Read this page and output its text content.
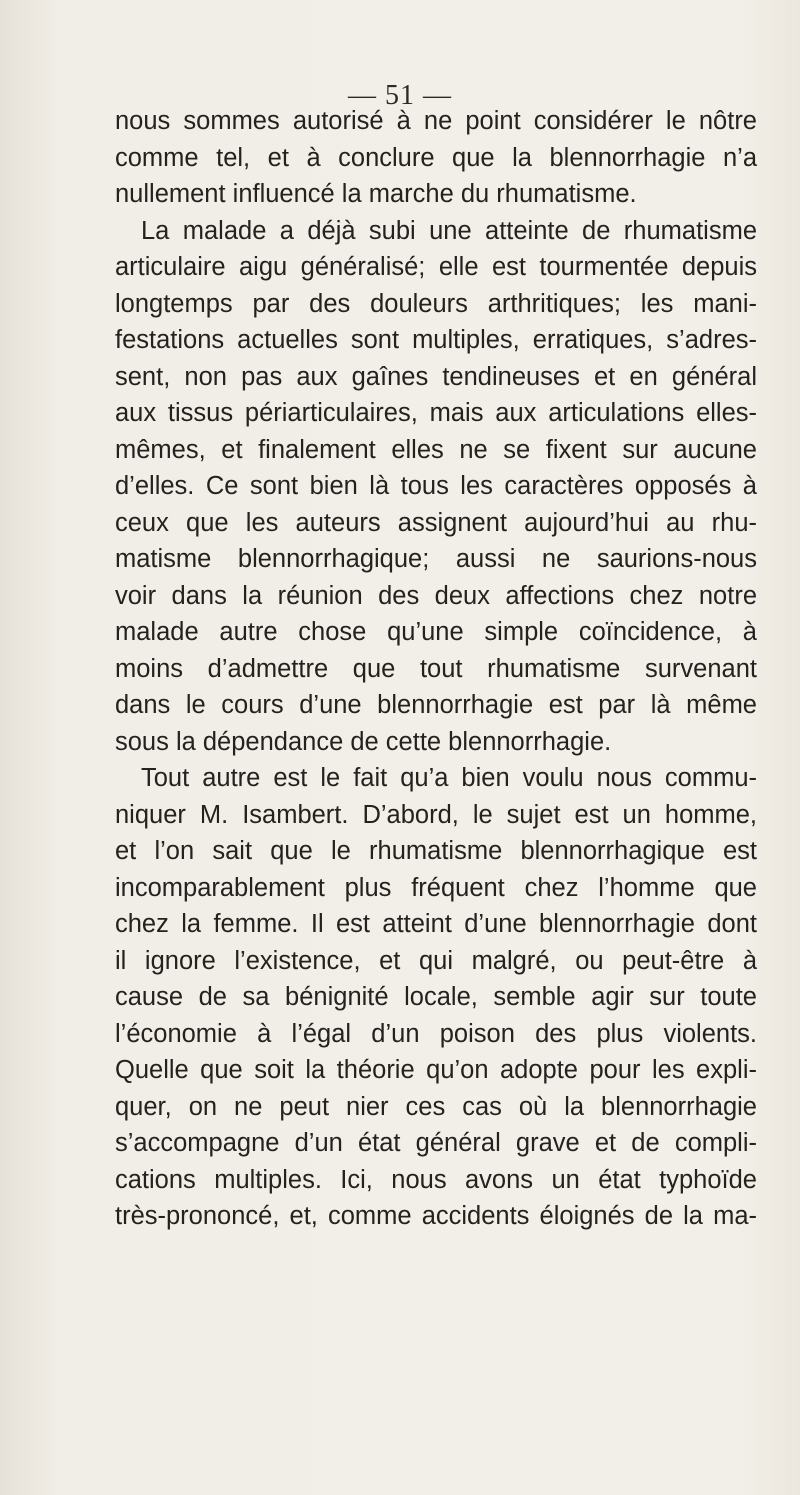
— 51 —
nous sommes autorisé à ne point considérer le nôtre
comme tel, et à conclure que la blennorrhagie n’a
nullement influencé la marche du rhumatisme.
La malade a déjà subi une atteinte de rhumatisme
articulaire aigu généralisé; elle est tourmentée depuis
longtemps par des douleurs arthritiques; les mani-
festations actuelles sont multiples, erratiques, s’adres-
sent, non pas aux gaînes tendineuses et en général
aux tissus périarticulaires, mais aux articulations elles-
mêmes, et finalement elles ne se fixent sur aucune
d’elles. Ce sont bien là tous les caractères opposés à
ceux que les auteurs assignent aujourd’hui au rhu-
matisme blennorrhagique; aussi ne saurions-nous
voir dans la réunion des deux affections chez notre
malade autre chose qu’une simple coïncidence, à
moins d’admettre que tout rhumatisme survenant
dans le cours d’une blennorrhagie est par là même
sous la dépendance de cette blennorrhagie.
Tout autre est le fait qu’a bien voulu nous commu-
niquer M. Isambert. D’abord, le sujet est un homme,
et l’on sait que le rhumatisme blennorrhagique est
incomparablement plus fréquent chez l’homme que
chez la femme. Il est atteint d’une blennorrhagie dont
il ignore l’existence, et qui malgré, ou peut-être à
cause de sa bénignité locale, semble agir sur toute
l’économie à l’égal d’un poison des plus violents.
Quelle que soit la théorie qu’on adopte pour les expli-
quer, on ne peut nier ces cas où la blennorrhagie
s’accompagne d’un état général grave et de compli-
cations multiples. Ici, nous avons un état typhoïde
très-prononcé, et, comme accidents éloignés de la ma-
